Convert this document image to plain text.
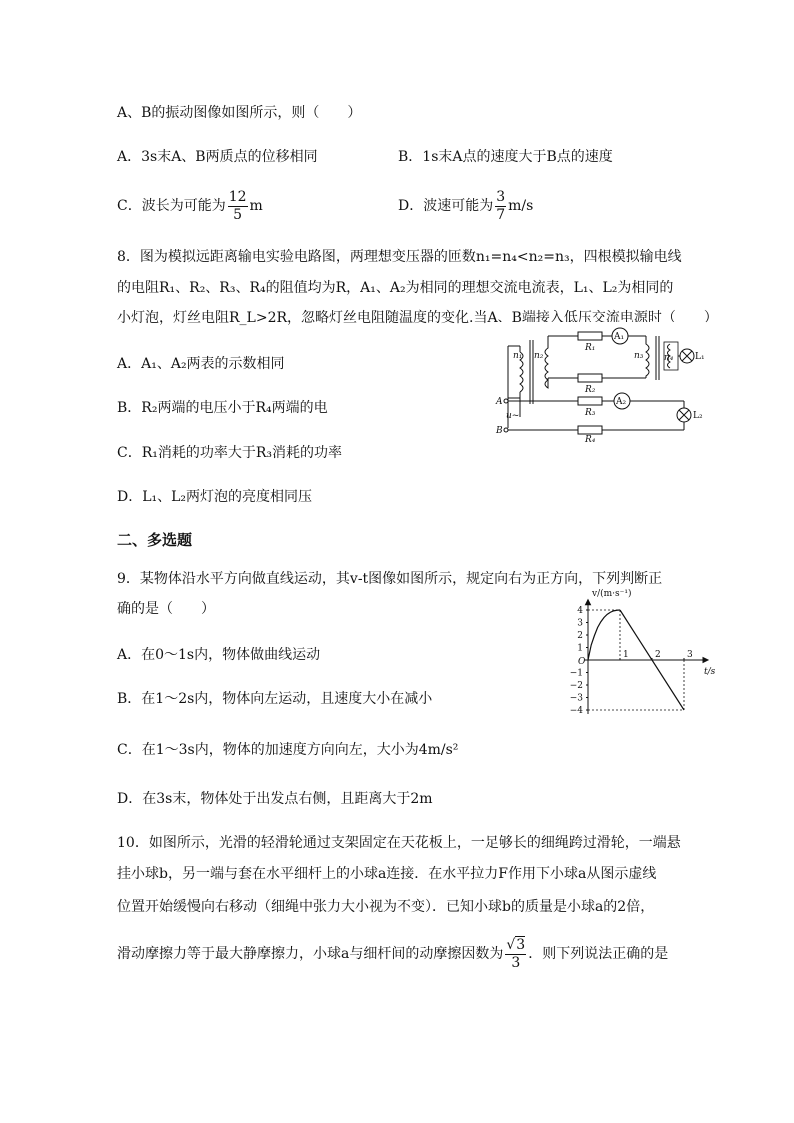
A、B的振动图像如图所示，则（　　）
A．3s末A、B两质点的位移相同	B．1s末A点的速度大于B点的速度
C．波长为可能为 $\frac{12}{5}$ m	D．波速可能为 $\frac{3}{7} m/s$
8．图为模拟远距离输电实验电路图，两理想变压器的匝数n₁=n₄<n₂=n₃，四根模拟输电线
的电阻R₁、R₂、R₃、R₄的阻值均为R，A₁、A₂为相同的理想交流电流表，L₁、L₂为相同的
小灯泡，灯丝电阻R_L>2R，忽略灯丝电阻随温度的变化.当A、B端接入低压交流电源时（　　）
A．A₁、A₂两表的示数相同
B．R₂两端的电压小于R₄两端的电
C．R₁消耗的功率大于R₃消耗的功率
D．L₁、L₂两灯泡的亮度相同压
n₁ n₂	n₃ n₄
R₁
R₂
R₃
R₄
A₁
A₂
L₁
L₂
A
B
u~
二、多选题
9．某物体沿水平方向做直线运动，其v-t图像如图所示，规定向右为正方向，下列判断正
确的是（　　）
A．在0～1s内，物体做曲线运动
B．在1～2s内，物体向左运动，且速度大小在减小
C．在1～3s内，物体的加速度方向向左，大小为4m/s²
D．在3s末，物体处于出发点右侧，且距离大于2m
4
3
2
1
−1
−2
−3
−4
1	2	3
O
t/s
v/(m·s⁻¹)
10．如图所示，光滑的轻滑轮通过支架固定在天花板上，一足够长的细绳跨过滑轮，一端悬
挂小球b，另一端与套在水平细杆上的小球a连接．在水平拉力F作用下小球a从图示虚线
位置开始缓慢向右移动（细绳中张力大小视为不变）．已知小球b的质量是小球a的2倍，
滑动摩擦力等于最大静摩擦力，小球a与细杆间的动摩擦因数为 $\frac{√3}{3}$ ．则下列说法正确的是
